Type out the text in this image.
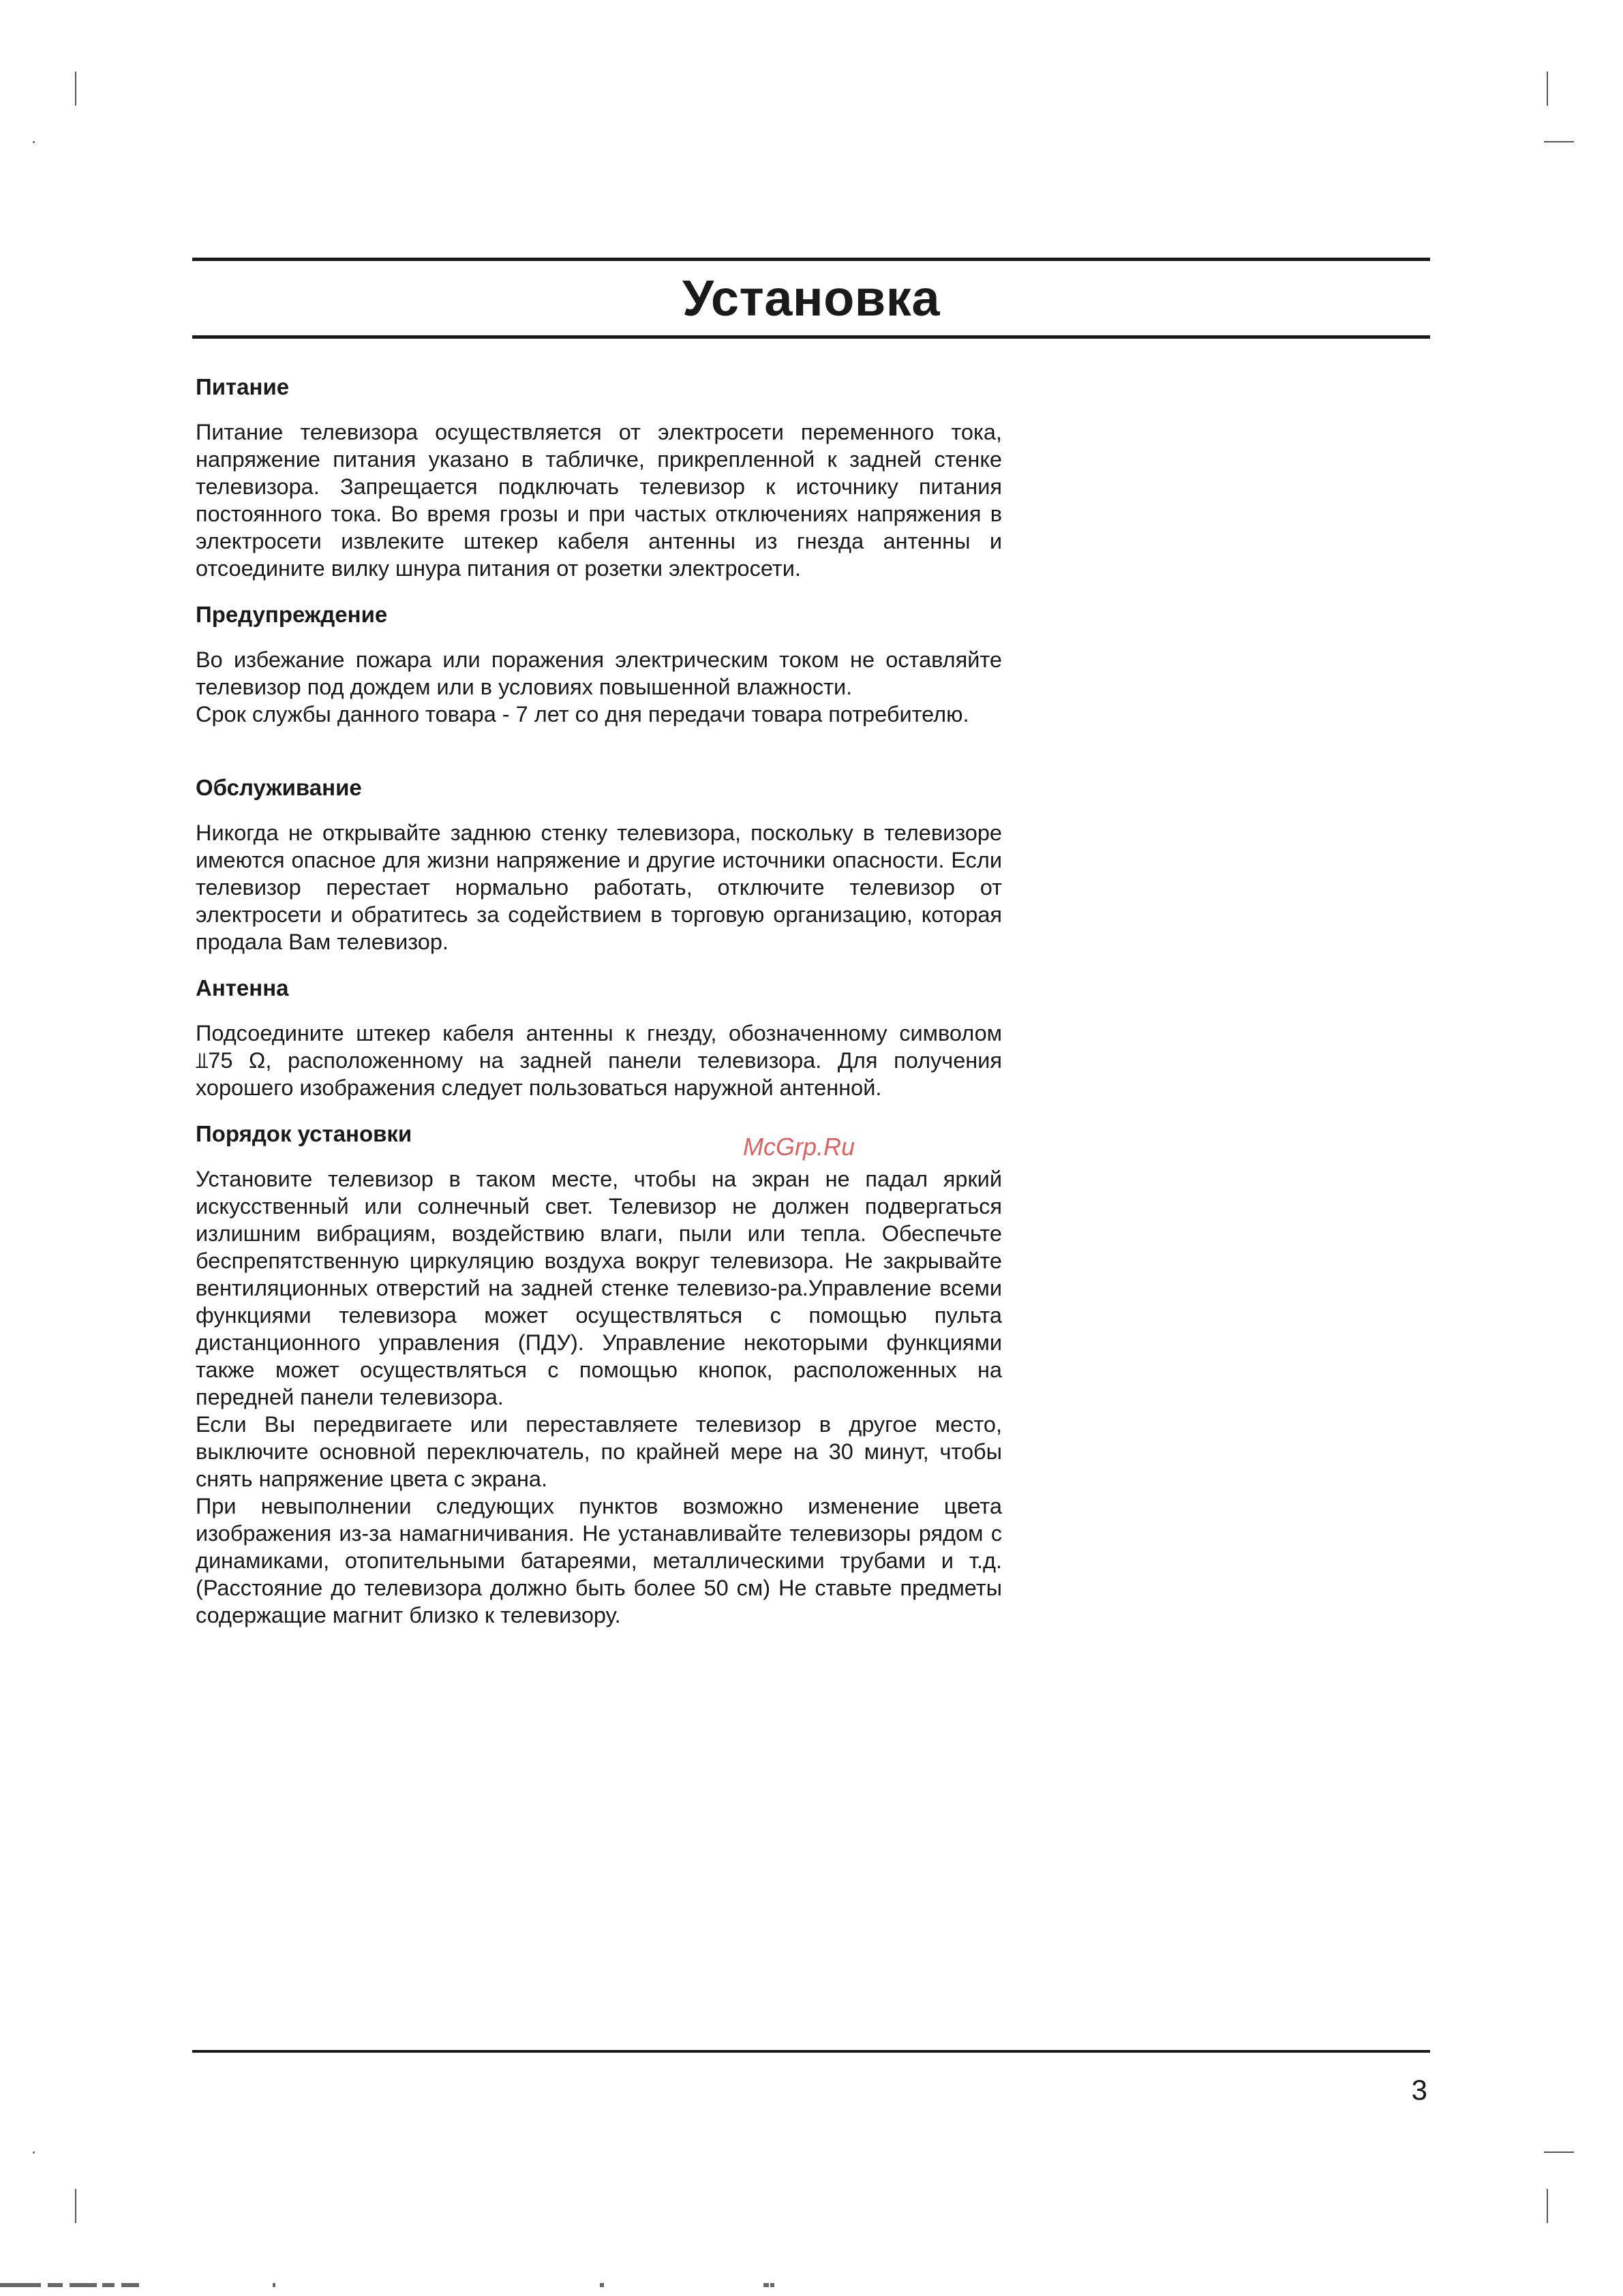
Установка
Питание

Питание телевизора осуществляется от электросети переменного тока, напряжение питания указано в табличке, прикрепленной к задней стенке телевизора. Запрещается подключать телевизор к источнику питания постоянного тока. Во время грозы и при частых отключениях напряжения в электросети извлеките штекер кабеля антенны из гнезда антенны и отсоедините вилку шнура питания от розетки электросети.

Предупреждение

Во избежание пожара или поражения электрическим током не оставляйте телевизор под дождем или в условиях повышенной влажности.

Срок службы данного товара - 7 лет со дня передачи товара потребителю.

Обслуживание

Никогда не открывайте заднюю стенку телевизора, поскольку в телевизоре имеются опасное для жизни напряжение и другие источники опасности. Если телевизор перестает нормально работать, отключите телевизор от электросети и обратитесь за содействием в торговую организацию, которая продала Вам телевизор.

Антенна

Подсоедините штекер кабеля антенны к гнезду, обозначенному символом ⫫75 Ω, расположенному на задней панели телевизора. Для получения хорошего изображения следует пользоваться наружной антенной.

Порядок установки

Установите телевизор в таком месте, чтобы на экран не падал яркий искусственный или солнечный свет. Телевизор не должен подвергаться излишним вибрациям, воздействию влаги, пыли или тепла. Обеспечьте беспрепятственную циркуляцию воздуха вокруг телевизора. Не закрывайте вентиляционных отверстий на задней стенке телевизо-ра.Управление всеми функциями телевизора может осуществляться с помощью пульта дистанционного управления (ПДУ). Управление некоторыми функциями также может осуществляться с помощью кнопок, расположенных на передней панели телевизора.

Если Вы передвигаете или переставляете телевизор в другое место, выключите основной переключатель, по крайней мере на 30 минут, чтобы снять напряжение цвета с экрана.

При невыполнении следующих пунктов возможно изменение цвета изображения из-за намагничивания. Не устанавливайте телевизоры рядом с динамиками, отопительными батареями, металлическими трубами и т.д. (Расстояние до телевизора должно быть более 50 см) Не ставьте предметы содержащие магнит близко к телевизору.

McGrp.Ru
3
